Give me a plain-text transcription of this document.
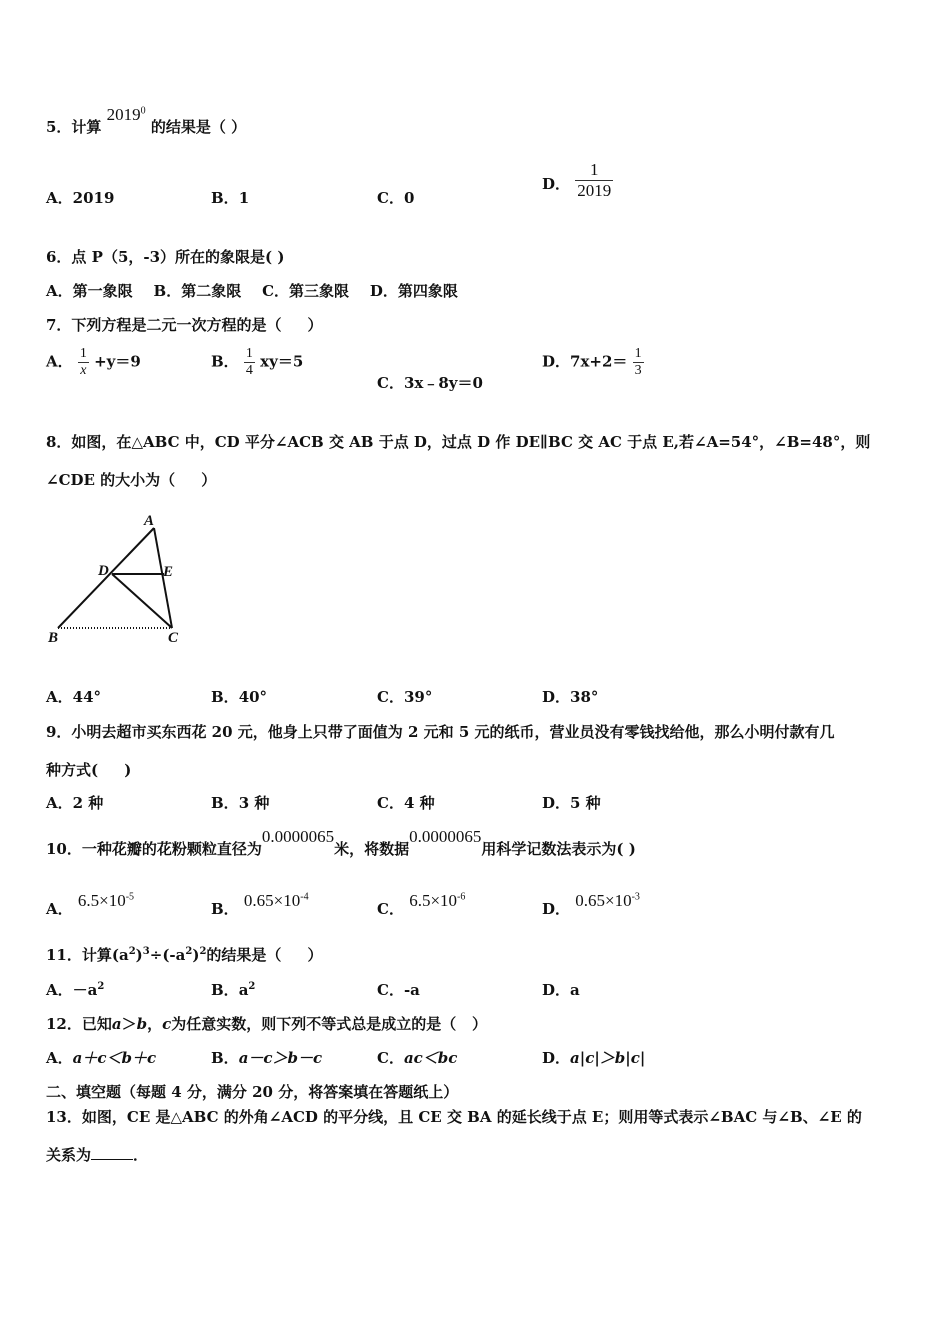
5．计算 2019$^0$ 的结果是（ ）
A．2019	B．1	C．0
D． $\frac{1}{2019}$
6．点 P（5，-3）所在的象限是( )
A．第一象限    B．第二象限    C．第三象限    D．第四象限
7．下列方程是二元一次方程的是（     ）
A． $\frac{1}{x} +y=9$	B． $\frac{1}{4} xy=5$
C．3x﹣8y＝0
D．$7x+2= \frac{1}{3}$
8．如图，在△ABC 中，CD 平分∠ACB 交 AB 于点 D，过点 D 作 DE∥BC 交 AC 于点 E,若∠A=54°，∠B=48°，则
∠CDE 的大小为（     ）
A
D	E
B	C
A．44°	B．40°	C．39°	D．38°
9．小明去超市买东西花 20 元，他身上只带了面值为 2 元和 5 元的纸币，营业员没有零钱找给他，那么小明付款有几
种方式(     )
A．2 种	B．3 种	C．4 种	D．5 种
10．一种花瓣的花粉颗粒直径为0.0000065米，将数据0.0000065用科学记数法表示为( )
A． $6.5\times 10^{-5}$
B． $0.65\times 10^{-4}$
C． $6.5\times 10^{-6}$
D． $0.65\times 10^{-3}$
11．计算$(a^2)^3\div(-a^2)^2$的结果是（     ）
A．$-a^2$	B．$a^2$	C．-a	D．a
12．已知a＞b，c为任意实数，则下列不等式总是成立的是（   ）
A．a＋c＜b＋c	B．a－c＞b－c	C．ac＜bc	D．a|c|＞b|c|
二、填空题（每题 4 分，满分 20 分，将答案填在答题纸上）
13．如图，CE 是△ABC 的外角∠ACD 的平分线，且 CE 交 BA 的延长线于点 E；则用等式表示∠BAC 与∠B、∠E 的
关系为	．
